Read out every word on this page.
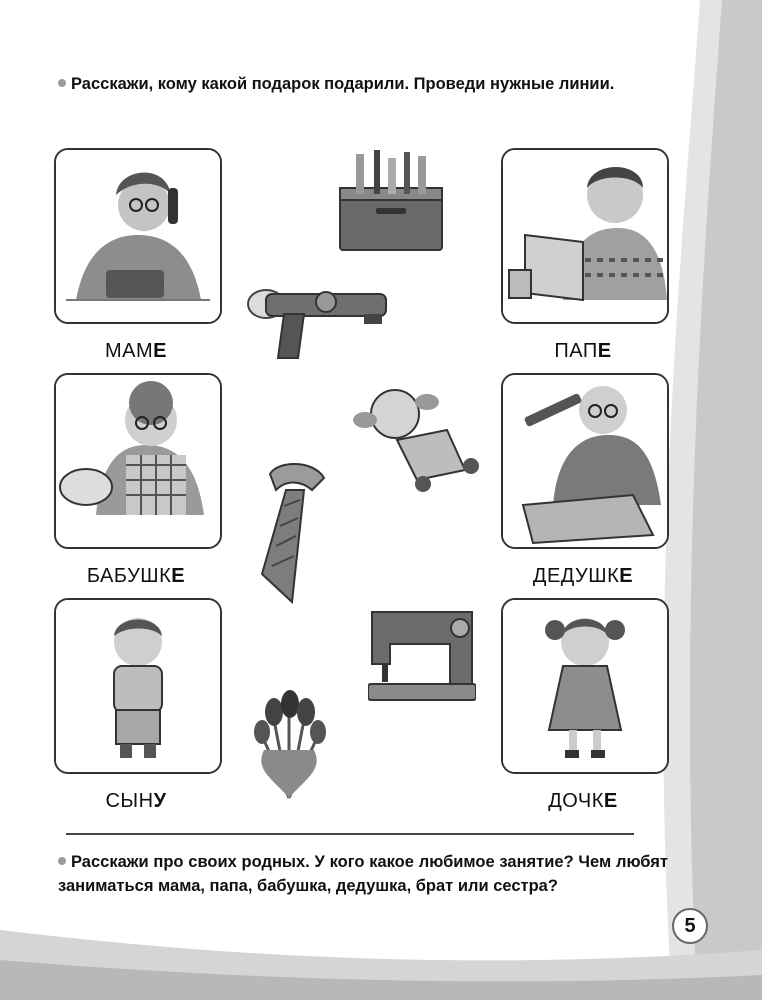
Расскажи, кому какой подарок подарили. Проведи нужные линии.
МАМЕ	ПАПЕ
БАБУШКЕ	ДЕДУШКЕ
СЫНУ	ДОЧКЕ
Расскажи про своих родных. У кого какое любимое занятие? Чем любят заниматься мама, папа, бабушка, дедушка, брат или сестра?
5
